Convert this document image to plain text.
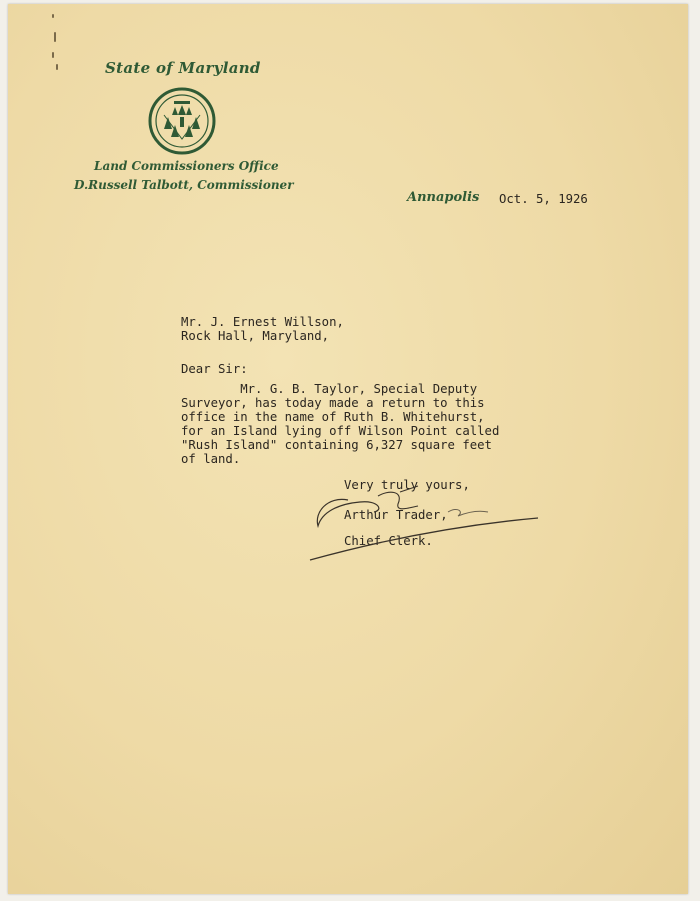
State of Maryland
Land Commissioners Office
D.Russell Talbott, Commissioner
Annapolis Oct. 5, 1926
Mr. J. Ernest Willson,
Rock Hall, Maryland,
Dear Sir:
Mr. G. B. Taylor, Special Deputy
Surveyor, has today made a return to this
office in the name of Ruth B. Whitehurst,
for an Island lying off Wilson Point called
"Rush Island" containing 6,327 square feet
of land.
Very truly yours,
Arthur Trader,
Chief Clerk.
